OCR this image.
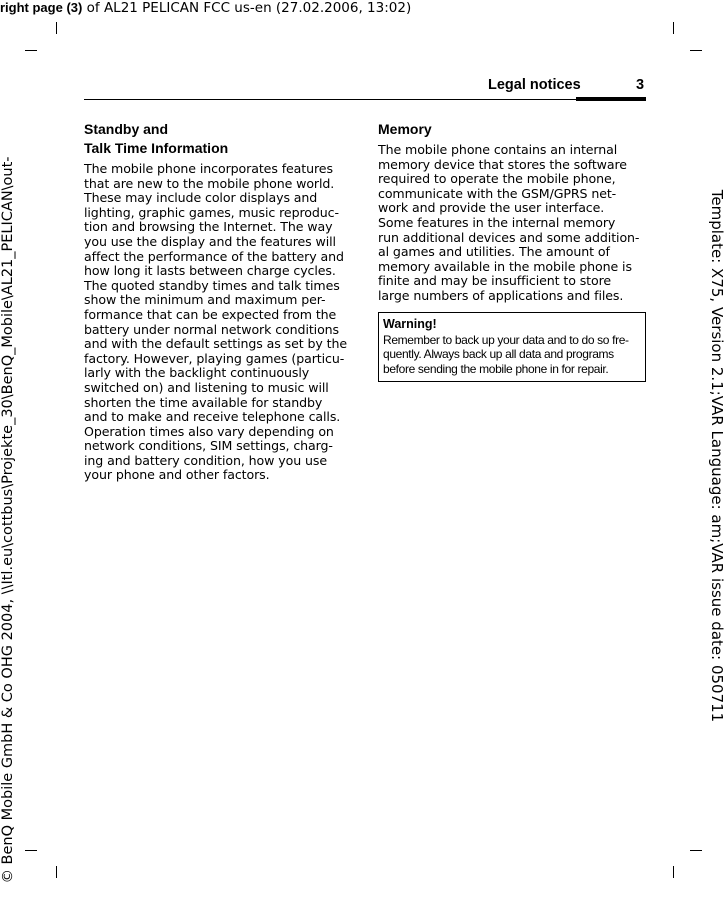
right page (3) of AL21 PELICAN FCC us-en (27.02.2006, 13:02)
Template: X75, Version 2.1;VAR Language: am;VAR issue date: 050711
© BenQ Mobile GmbH & Co OHG 2004, \\Itl.eu\cottbus\Projekte_30\BenQ_Mobile\AL21_PELICAN\out-
Legal notices	3
Standby and
Talk Time Information

The mobile phone incorporates features
that are new to the mobile phone world.
These may include color displays and
lighting, graphic games, music reproduc-
tion and browsing the Internet. The way
you use the display and the features will
affect the performance of the battery and
how long it lasts between charge cycles.
The quoted standby times and talk times
show the minimum and maximum per-
formance that can be expected from the
battery under normal network conditions
and with the default settings as set by the
factory. However, playing games (particu-
larly with the backlight continuously
switched on) and listening to music will
shorten the time available for standby
and to make and receive telephone calls.
Operation times also vary depending on
network conditions, SIM settings, charg-
ing and battery condition, how you use
your phone and other factors.

Memory

The mobile phone contains an internal
memory device that stores the software
required to operate the mobile phone,
communicate with the GSM/GPRS net-
work and provide the user interface.
Some features in the internal memory
run additional devices and some addition-
al games and utilities. The amount of
memory available in the mobile phone is
finite and may be insufficient to store
large numbers of applications and files.

Warning!
Remember to back up your data and to do so fre-
quently. Always back up all data and programs
before sending the mobile phone in for repair.
